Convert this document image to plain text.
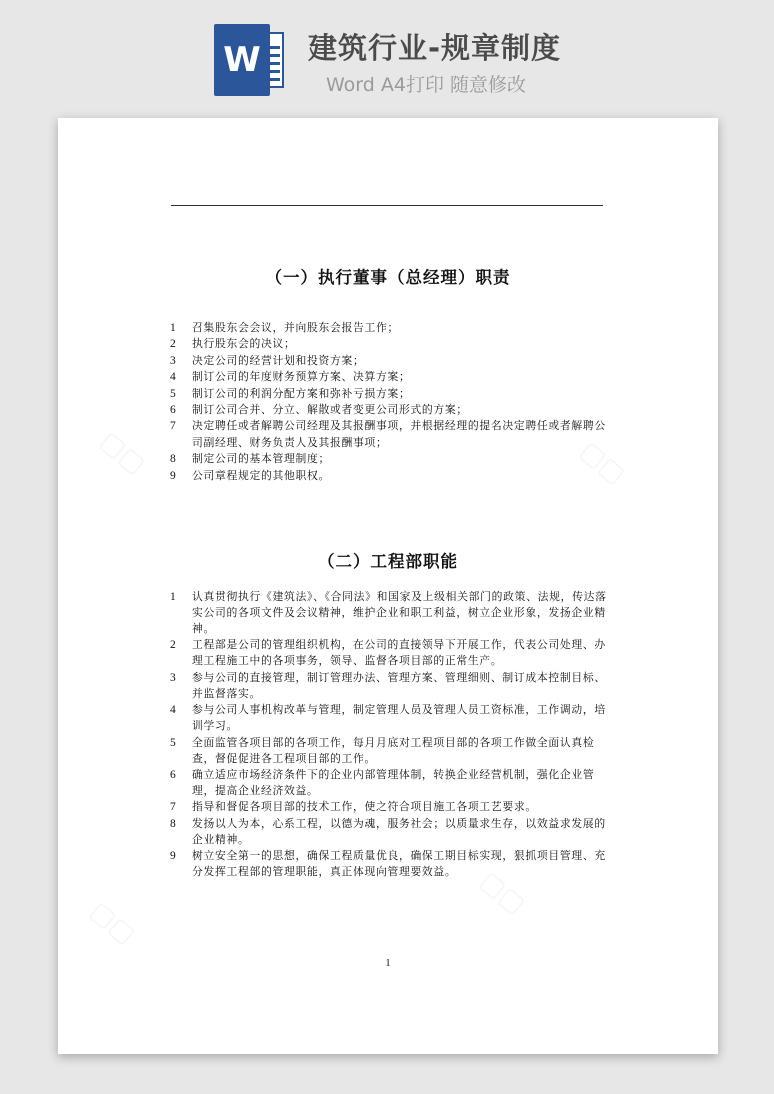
W	建筑行业-规章制度
Word A4打印 随意修改
▢▢	▢▢
▢▢
▢▢
（一）执行董事（总经理）职责
1	召集股东会会议，并向股东会报告工作；
2	执行股东会的决议；
3	决定公司的经营计划和投资方案；
4	制订公司的年度财务预算方案、决算方案；
5	制订公司的利润分配方案和弥补亏损方案；
6	制订公司合并、分立、解散或者变更公司形式的方案；
7	决定聘任或者解聘公司经理及其报酬事项，并根据经理的提名决定聘任或者解聘公司副经理、财务负责人及其报酬事项；
8	制定公司的基本管理制度；
9	公司章程规定的其他职权。
（二）工程部职能
1	认真贯彻执行《建筑法》、《合同法》和国家及上级相关部门的政策、法规，传达落实公司的各项文件及会议精神，维护企业和职工利益，树立企业形象，发扬企业精神。
2	工程部是公司的管理组织机构，在公司的直接领导下开展工作，代表公司处理、办理工程施工中的各项事务，领导、监督各项目部的正常生产。
3	参与公司的直接管理，制订管理办法、管理方案、管理细则、制订成本控制目标、并监督落实。
4	参与公司人事机构改革与管理，制定管理人员及管理人员工资标准，工作调动，培训学习。
5	全面监管各项目部的各项工作，每月月底对工程项目部的各项工作做全面认真检查，督促促进各工程项目部的工作。
6	确立适应市场经济条件下的企业内部管理体制，转换企业经营机制，强化企业管理，提高企业经济效益。
7	指导和督促各项目部的技术工作，使之符合项目施工各项工艺要求。
8	发扬以人为本，心系工程，以德为魂，服务社会；以质量求生存，以效益求发展的企业精神。
9	树立安全第一的思想，确保工程质量优良，确保工期目标实现，狠抓项目管理、充分发挥工程部的管理职能，真正体现向管理要效益。
1
